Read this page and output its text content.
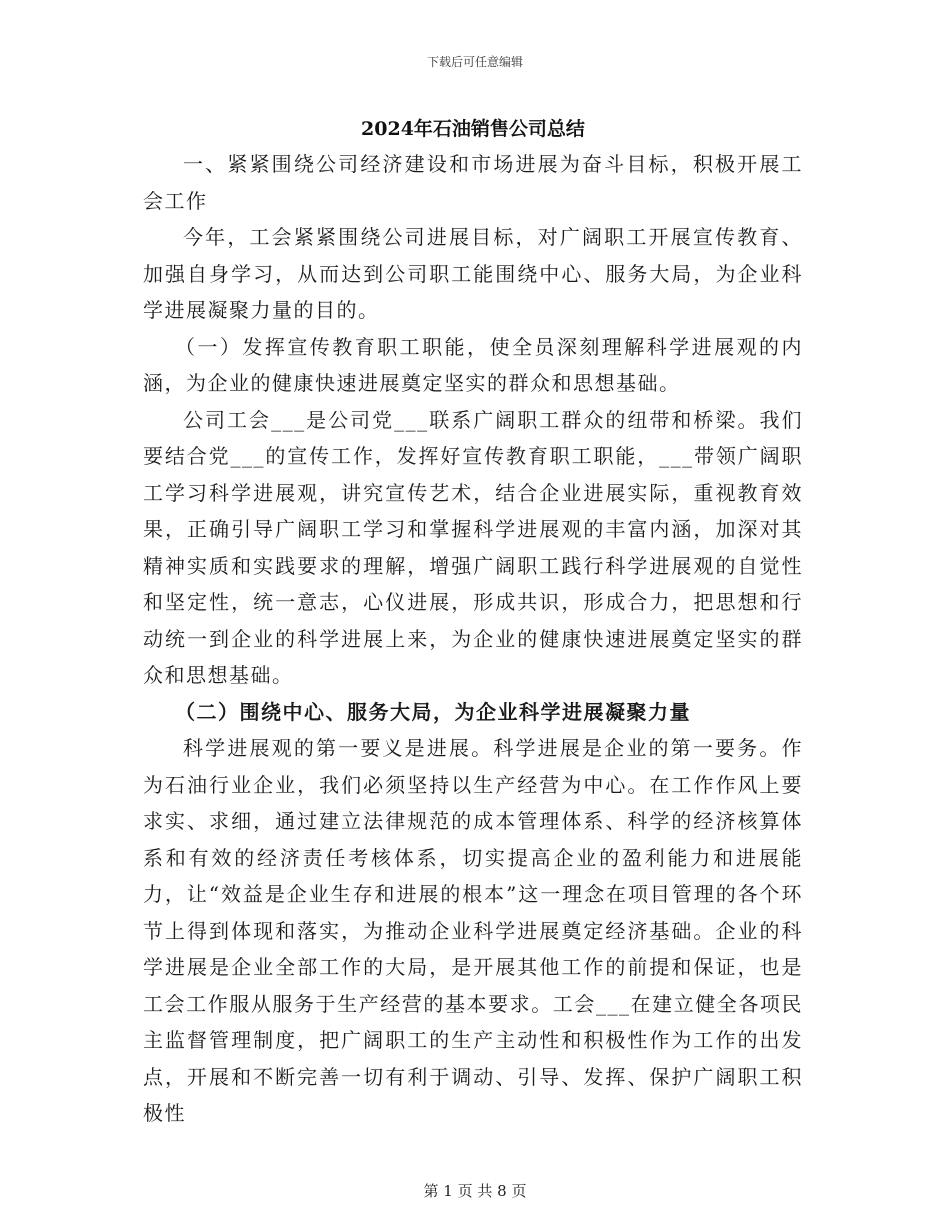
下载后可任意编辑
2024年石油销售公司总结

一、紧紧围绕公司经济建设和市场进展为奋斗目标，积极开展工会工作

今年，工会紧紧围绕公司进展目标，对广阔职工开展宣传教育、加强自身学习，从而达到公司职工能围绕中心、服务大局，为企业科学进展凝聚力量的目的。

（一）发挥宣传教育职工职能，使全员深刻理解科学进展观的内涵，为企业的健康快速进展奠定坚实的群众和思想基础。

公司工会___是公司党___联系广阔职工群众的纽带和桥梁。我们要结合党___的宣传工作，发挥好宣传教育职工职能，___带领广阔职工学习科学进展观，讲究宣传艺术，结合企业进展实际，重视教育效果，正确引导广阔职工学习和掌握科学进展观的丰富内涵，加深对其精神实质和实践要求的理解，增强广阔职工践行科学进展观的自觉性和坚定性，统一意志，心仪进展，形成共识，形成合力，把思想和行动统一到企业的科学进展上来，为企业的健康快速进展奠定坚实的群众和思想基础。

（二）围绕中心、服务大局，为企业科学进展凝聚力量

科学进展观的第一要义是进展。科学进展是企业的第一要务。作为石油行业企业，我们必须坚持以生产经营为中心。在工作作风上要求实、求细，通过建立法律规范的成本管理体系、科学的经济核算体系和有效的经济责任考核体系，切实提高企业的盈利能力和进展能力，让“效益是企业生存和进展的根本”这一理念在项目管理的各个环节上得到体现和落实，为推动企业科学进展奠定经济基础。企业的科学进展是企业全部工作的大局，是开展其他工作的前提和保证，也是工会工作服从服务于生产经营的基本要求。工会___在建立健全各项民主监督管理制度，把广阔职工的生产主动性和积极性作为工作的出发点，开展和不断完善一切有利于调动、引导、发挥、保护广阔职工积极性

第 1 页 共 8 页
